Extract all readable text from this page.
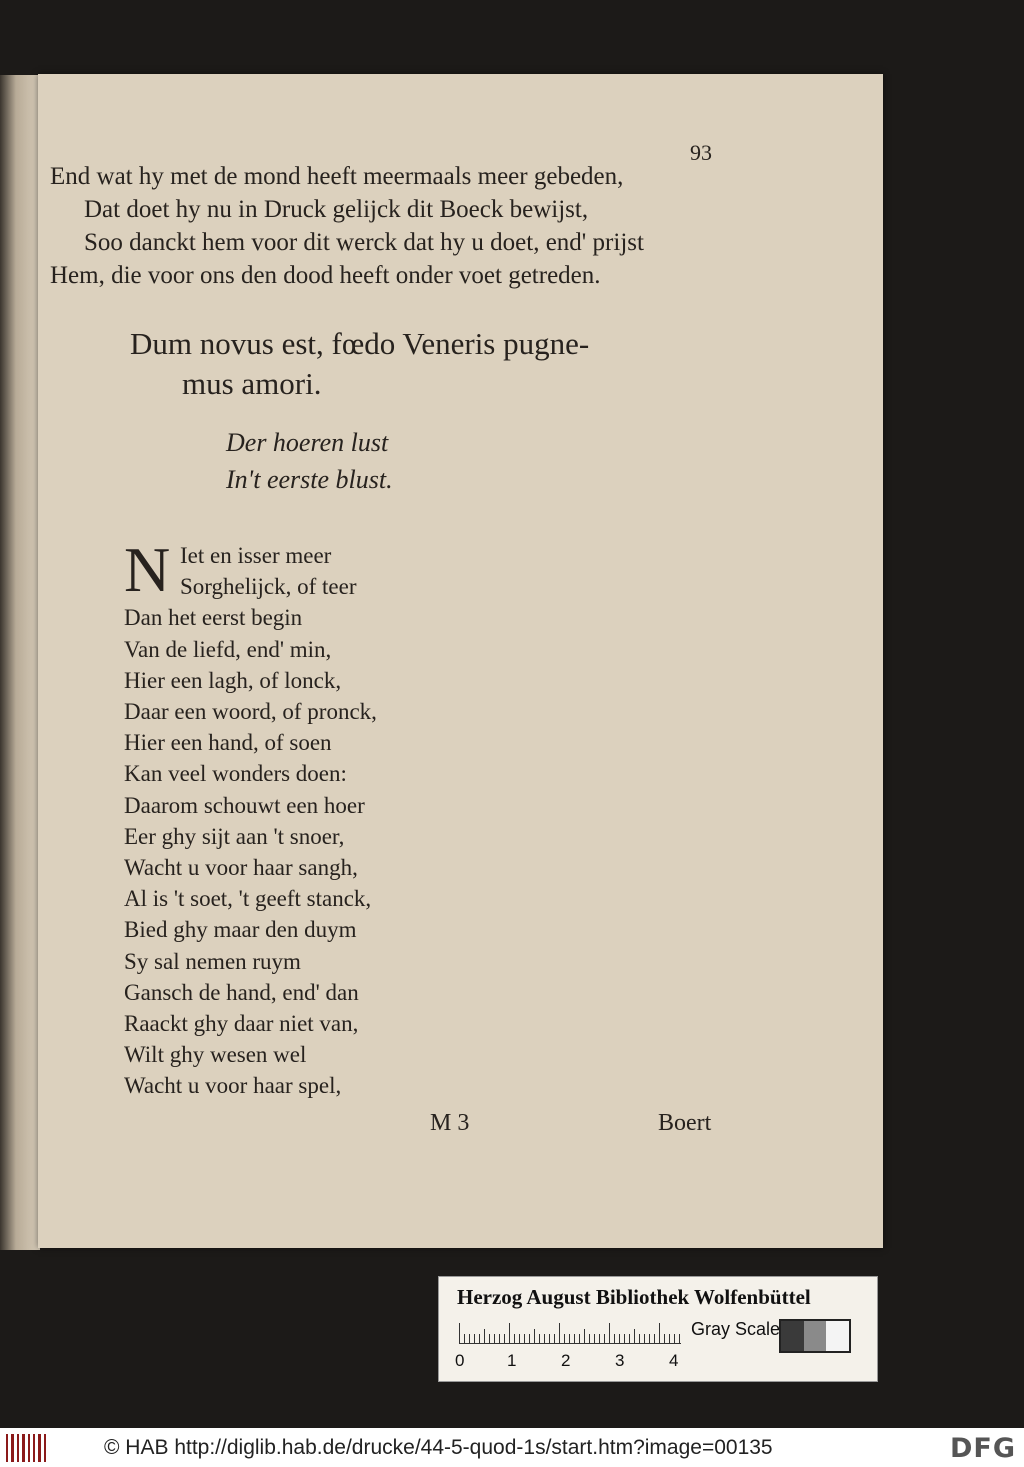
93
End wat hy met de mond heeft meermaals meer gebeden,
Dat doet hy nu in Druck gelijck dit Boeck bewijst,
Soo danckt hem voor dit werck dat hy u doet, end' prijst
Hem, die voor ons den dood heeft onder voet getreden.
Dum novus est, fœdo Veneris pugne-
mus amori.
Der hoeren lust
In't eerste blust.
N Iet en isser meer
Sorghelijck, of teer
Dan het eerst begin
Van de liefd, end' min,
Hier een lagh, of lonck,
Daar een woord, of pronck,
Hier een hand, of soen
Kan veel wonders doen:
Daarom schouwt een hoer
Eer ghy sijt aan 't snoer,
Wacht u voor haar sangh,
Al is 't soet, 't geeft stanck,
Bied ghy maar den duym
Sy sal nemen ruym
Gansch de hand, end' dan
Raackt ghy daar niet van,
Wilt ghy wesen wel
Wacht u voor haar spel,
M 3	Boert
Herzog August Bibliothek Wolfenbüttel
0	1	2	3	4
Gray Scale
© HAB http://diglib.hab.de/drucke/44-5-quod-1s/start.htm?image=00135	DFG
